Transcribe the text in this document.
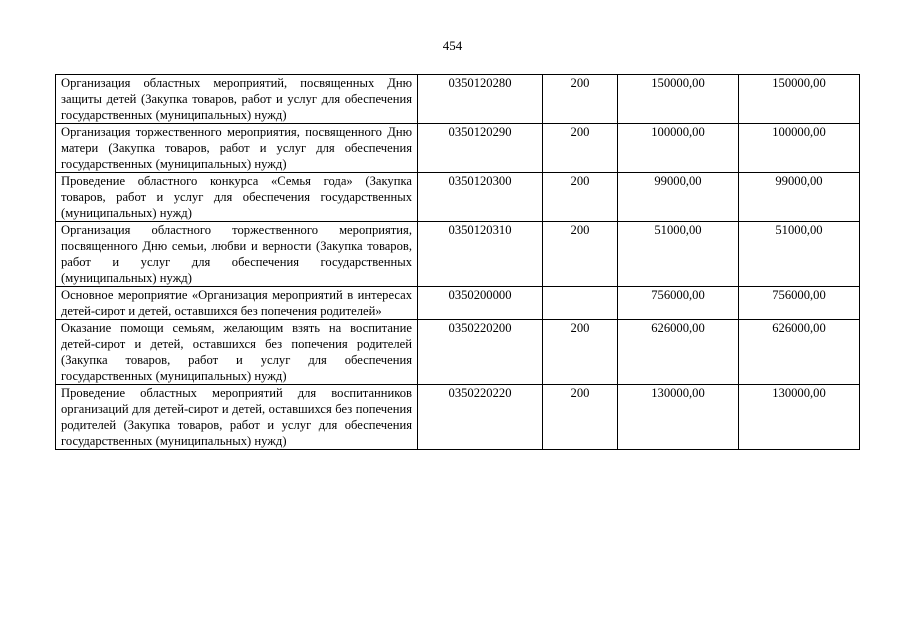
454
Организация областных мероприятий, посвященных Дню защиты детей (Закупка товаров, работ и услуг для обеспечения государственных (муниципальных) нужд)	0350120280	200	150000,00	150000,00
Организация торжественного мероприятия, посвященного Дню матери (Закупка товаров, работ и услуг для обеспечения государственных (муниципальных) нужд)	0350120290	200	100000,00	100000,00
Проведение областного конкурса «Семья года» (Закупка товаров, работ и услуг для обеспечения государственных (муниципальных) нужд)	0350120300	200	99000,00	99000,00
Организация областного торжественного мероприятия, посвященного Дню семьи, любви и верности (Закупка товаров, работ и услуг для обеспечения государственных (муниципальных) нужд)	0350120310	200	51000,00	51000,00
Основное мероприятие «Организация мероприятий в интересах детей-сирот и детей, оставшихся без попечения родителей»	0350200000		756000,00	756000,00
Оказание помощи семьям, желающим взять на воспитание детей-сирот и детей, оставшихся без попечения родителей (Закупка товаров, работ и услуг для обеспечения государственных (муниципальных) нужд)	0350220200	200	626000,00	626000,00
Проведение областных мероприятий для воспитанников организаций для детей-сирот и детей, оставшихся без попечения родителей (Закупка товаров, работ и услуг для обеспечения государственных (муниципальных) нужд)	0350220220	200	130000,00	130000,00
